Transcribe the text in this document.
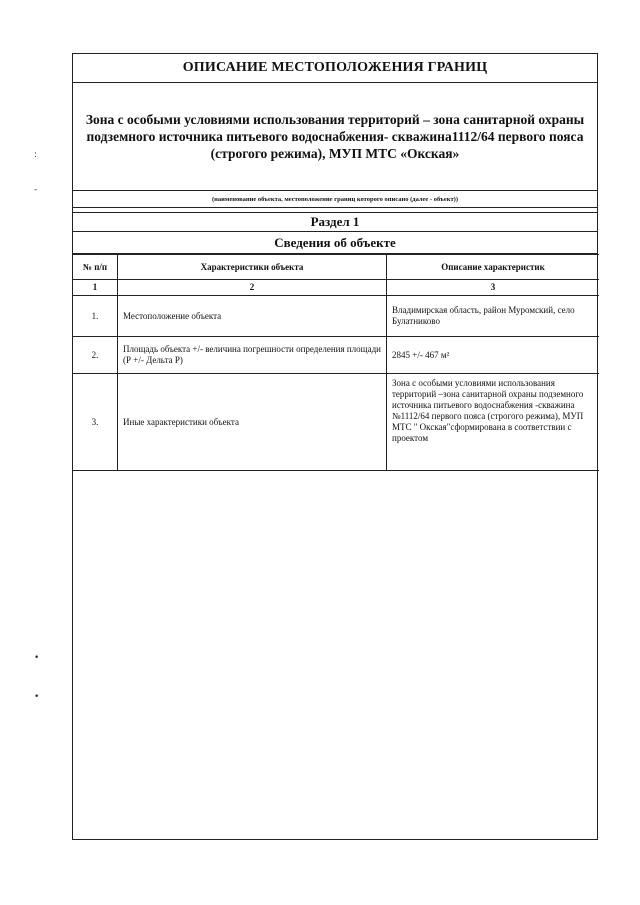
:
-
•
•
ОПИСАНИЕ МЕСТОПОЛОЖЕНИЯ ГРАНИЦ
Зона с особыми условиями использования территорий – зона санитарной охраны
подземного источника питьевого водоснабжения- скважина1112/64 первого пояса
(строгого режима), МУП МТС «Окская»
(наименование объекта, местоположение границ которого описано (далее - объект))
Раздел 1
Сведения об объекте
№ п/п	Характеристики объекта	Описание характеристик
1	2	3
1.	Местоположение объекта	Владимирская область, район Муромский, село Булатниково
2.	Площадь объекта +/- величина погрешности определения площади (Р +/- Дельта Р)	2845 +/- 467 м²
3.	Иные характеристики объекта	Зона с особыми условиями использования территорий –зона санитарной охраны подземного источника питьевого водоснабжения -скважина №1112/64 первого пояса (строгого режима), МУП МТС " Окская"сформирована в соответствии с проектом
